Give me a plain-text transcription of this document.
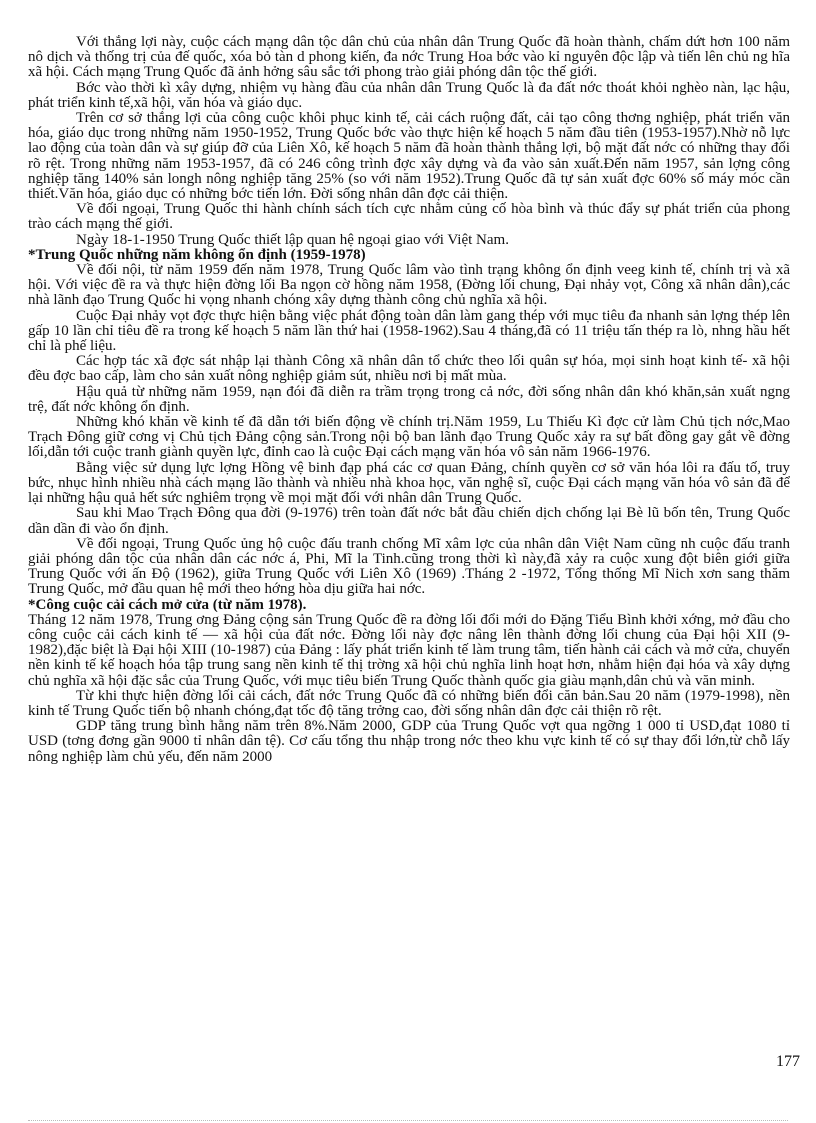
Với thắng lợi này, cuộc cách mạng dân tộc dân chủ của nhân dân Trung Quốc đã hoàn thành, chấm dứt hơn 100 năm nô dịch và thống trị của đế quốc, xóa bỏ tàn d phong kiến, đa nớc Trung Hoa bớc vào kỉ nguyên độc lập và tiến lên chủ ng hĩa xã hội. Cách mạng Trung Quốc đã ảnh hởng sâu sắc tới phong trào giải phóng dân tộc thế giới.

Bớc vào thời kì xây dựng, nhiệm vụ hàng đầu của nhân dân Trung Quốc là đa đất nớc thoát khỏi nghèo nàn, lạc hậu, phát triển kinh tế,xã hội, văn hóa và giáo dục.

Trên cơ sở thắng lợi của công cuộc khôi phục kinh tế, cải cách ruộng đất, cải tạo công thơng nghiệp, phát triển văn hóa, giáo dục trong những năm 1950-1952, Trung Quốc bớc vào thực hiện kế hoạch 5 năm đầu tiên (1953-1957).Nhờ nỗ lực lao động của toàn dân và sự giúp đỡ của Liên Xô, kế hoạch 5 năm đã hoàn thành thắng lợi, bộ mặt đất nớc có những thay đổi rõ rệt. Trong những năm 1953-1957, đã có 246 công trình đợc xây dựng và đa vào sản xuất.Đến năm 1957, sản lợng công nghiệp tăng 140% sản longh nông nghiệp tăng 25% (so với năm 1952).Trung Quốc đã tự sản xuất đợc 60% số máy móc cần thiết.Văn hóa, giáo dục có những bớc tiến lớn. Đời sống nhân dân đợc cải thiện.

Về đối ngoại, Trung Quốc thi hành chính sách tích cực nhằm củng cố hòa bình và thúc đẩy sự phát triển của phong trào cách mạng thế giới.

Ngày 18-1-1950 Trung Quốc thiết lập quan hệ ngoại giao với Việt Nam.

*Trung Quốc những năm không ổn định (1959-1978)

Về đối nội, từ năm 1959 đến năm 1978, Trung Quốc lâm vào tình trạng không ổn định veeg kinh tế, chính trị và xã hội. Với việc đề ra và thực hiện đờng lối Ba ngọn cờ hồng năm 1958, (Đờng lối chung, Đại nhảy vọt, Công xã nhân dân),các nhà lãnh đạo Trung Quốc hi vọng nhanh chóng xây dựng thành công chủ nghĩa xã hội.

Cuộc Đại nhảy vọt đợc thực hiện bằng việc phát động toàn dân làm gang thép với mục tiêu đa nhanh sản lợng thép lên gấp 10 lần chỉ tiêu đề ra trong kế hoạch 5 năm lần thứ hai (1958-1962).Sau 4 tháng,đã có 11 triệu tấn thép ra lò, nhng hầu hết chỉ là phế liệu.

Các hợp tác xã đợc sát nhập lại thành Công xã nhân dân tổ chức theo lối quân sự hóa, mọi sinh hoạt kinh tế- xã hội đều đợc bao cấp, làm cho sản xuất nông nghiệp giảm sút, nhiều nơi bị mất mùa.

Hậu quả từ những năm 1959, nạn đói đã diễn ra trầm trọng trong cả nớc, đời sống nhân dân khó khăn,sản xuất ngng trệ, đất nớc không ổn định.

Những khó khăn về kinh tế đã dẫn tới biến động về chính trị.Năm 1959, Lu Thiếu Kì đợc cử làm Chủ tịch nớc,Mao Trạch Đông giữ cơng vị Chủ tịch Đảng cộng sản.Trong nội bộ ban lãnh đạo Trung Quốc xảy ra sự bất đồng gay gắt về đờng lối,dẫn tới cuộc tranh giành quyền lực, đỉnh cao là cuộc Đại cách mạng văn hóa vô sản năm 1966-1976.

Bằng việc sử dụng lực lợng Hồng vệ binh đạp phá các cơ quan Đảng, chính quyền cơ sở văn hóa lôi ra đấu tố, truy bức, nhục hình nhiều nhà cách mạng lão thành và nhiều nhà khoa học, văn nghệ sĩ, cuộc Đại cách mạng văn hóa vô sản đã để lại những hậu quả hết sức nghiêm trọng về mọi mặt đối với nhân dân Trung Quốc.

Sau khi Mao Trạch Đông qua đời (9-1976) trên toàn đất nớc bắt đầu chiến dịch chống lại Bè lũ bốn tên, Trung Quốc dần dần đi vào ổn định.

Về đối ngoại, Trung Quốc ủng hộ cuộc đấu tranh chống Mĩ xâm lợc của nhân dân Việt Nam cũng nh cuộc đấu tranh giải phóng dân tộc của nhân dân các nớc á, Phi, Mĩ la Tinh.cũng trong thời kì này,đã xảy ra cuộc xung đột biên giới giữa Trung Quốc với ấn Độ (1962), giữa Trung Quốc với Liên Xô (1969) .Tháng 2 -1972, Tổng thống Mĩ Nich xơn sang thăm Trung Quốc, mở đầu quan hệ mới theo hớng hòa dịu giữa hai nớc.

*Công cuộc cải cách mở cửa (từ năm 1978).

Tháng 12 năm 1978, Trung ơng Đảng cộng sản Trung Quốc đề ra đờng lối đổi mới do Đặng Tiểu Bình khởi xớng, mở đầu cho công cuộc cải cách kinh tế — xã hội của đất nớc. Đờng lối này đợc nâng lên thành đờng lối chung của Đại hội XII (9-1982),đặc biệt là Đại hội XIII (10-1987) của Đảng : lấy phát triển kinh tế làm trung tâm, tiến hành cải cách và mở cửa, chuyển nền kinh tế kế hoạch hóa tập trung sang nền kinh tế thị trờng xã hội chủ nghĩa linh hoạt hơn, nhằm hiện đại hóa và xây dựng chủ nghĩa xã hội đặc sắc của Trung Quốc, với mục tiêu biến Trung Quốc thành quốc gia giàu mạnh,dân chủ và văn minh.

Từ khi thực hiện đờng lối cải cách, đất nớc Trung Quốc đã có những biến đổi căn bản.Sau 20 năm (1979-1998), nền kinh tế Trung Quốc tiến bộ nhanh chóng,đạt tốc độ tăng trởng cao, đời sống nhân dân đợc cải thiện rõ rệt.

GDP tăng trung bình hằng năm trên 8%.Năm 2000, GDP của Trung Quốc vợt qua ngỡng 1 000 tỉ USD,đạt 1080 tỉ USD (tơng đơng gần 9000 tỉ nhân dân tệ). Cơ cấu tổng thu nhập trong nớc theo khu vực kinh tế có sự thay đổi lớn,từ chỗ lấy nông nghiệp làm chủ yếu, đến năm 2000

177
